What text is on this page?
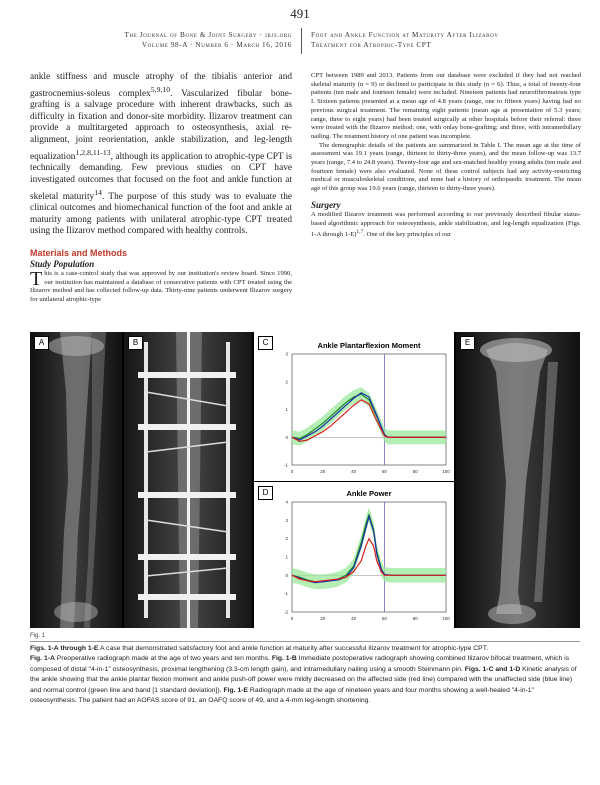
491
The Journal of Bone & Joint Surgery · jbjs.org
Volume 98-A · Number 6 · March 16, 2016
Foot and Ankle Function at Maturity After Ilizarov
Treatment for Atrophic-Type CPT

ankle stiffness and muscle atrophy of the tibialis anterior and gastrocnemius-soleus complex$^{5,9,10}$. Vascularized fibular bone-grafting is a salvage procedure with inherent drawbacks, such as difficulty in fixation and donor-site morbidity. Ilizarov treatment can provide a multitargeted approach to osteosynthesis, axial re-alignment, joint reorientation, ankle stabilization, and leg-length equalization$^{1,2,8,11-13}$, although its application to atrophic-type CPT is technically demanding. Few previous studies on CPT have investigated outcomes that focused on the foot and ankle function at skeletal maturity$^{14}$. The purpose of this study was to evaluate the clinical outcomes and biomechanical function of the foot and ankle at maturity among patients with unilateral atrophic-type CPT treated using the Ilizarov method compared with healthy controls.

Materials and Methods
Study Population

This is a case-control study that was approved by our institution's review board. Since 1990, our institution has maintained a database of consecutive patients with CPT treated using the Ilizarov method and has collected follow-up data. Thirty-nine patients underwent Ilizarov surgery for unilateral atrophic-type

CPT between 1989 and 2013. Patients from our database were excluded if they had not reached skeletal maturity (n = 9) or declined to participate in this study (n = 6). Thus, a total of twenty-four patients (ten male and fourteen female) were included. Nineteen patients had neurofibromatosis type I. Sixteen patients presented at a mean age of 4.8 years (range, one to fifteen years) having had no previous surgical treatment. The remaining eight patients (mean age at presentation of 5.3 years; range, three to eight years) had been treated surgically at other hospitals before their referral: three were treated with the Ilizarov method; one, with onlay bone-grafting; and three, with intramedullary nailing. The treatment history of one patient was incomplete.

The demographic details of the patients are summarized in Table I. The mean age at the time of assessment was 19.1 years (range, thirteen to thirty-three years), and the mean follow-up was 13.7 years (range, 7.4 to 24.8 years). Twenty-four age and sex-matched healthy young adults (ten male and fourteen female) were also evaluated. None of these control subjects had any activity-restricting medical or musculoskeletal conditions, and none had a history of orthopaedic treatment. The mean age of this group was 19.6 years (range, thirteen to thirty-three years).

Surgery

A modified Ilizarov treatment was performed according to our previously described fibular status-based algorithmic approach for osteosynthesis, ankle stabilization, and leg-length equalization (Figs. 1-A through 1-E)$^{1,7}$. One of the key principles of our

A	B	Ankle Plantarflexion Moment
0	20	40	60	80	100
-1
0
1
2
3
C
Ankle Power
0	20	40	60	80	100
-2
-1
0
1
2
3
4
D
E
Fig. 1

Figs. 1-A through 1-E A case that demonstrated satisfactory foot and ankle function at maturity after successful Ilizarov treatment for atrophic-type CPT.
Fig. 1-A Preoperative radiograph made at the age of two years and ten months. Fig. 1-B Immediate postoperative radiograph showing combined Ilizarov bifocal treatment, which is composed of distal "4-in-1" osteosynthesis, proximal lengthening (3.3-cm length gain), and intramedullary nailing using a smooth Steinmann pin. Figs. 1-C and 1-D Kinetic analysis of the ankle showing that the ankle plantar flexion moment and ankle push-off power were mildly decreased on the affected side (red line) compared with the unaffected side (blue line) and normal control (green line and band [1 standard deviation]). Fig. 1-E Radiograph made at the age of nineteen years and four months showing a well-healed "4-in-1" osteosynthesis. The patient had an AOFAS score of 91, an OAFQ score of 49, and a 4-mm leg-length shortening.
